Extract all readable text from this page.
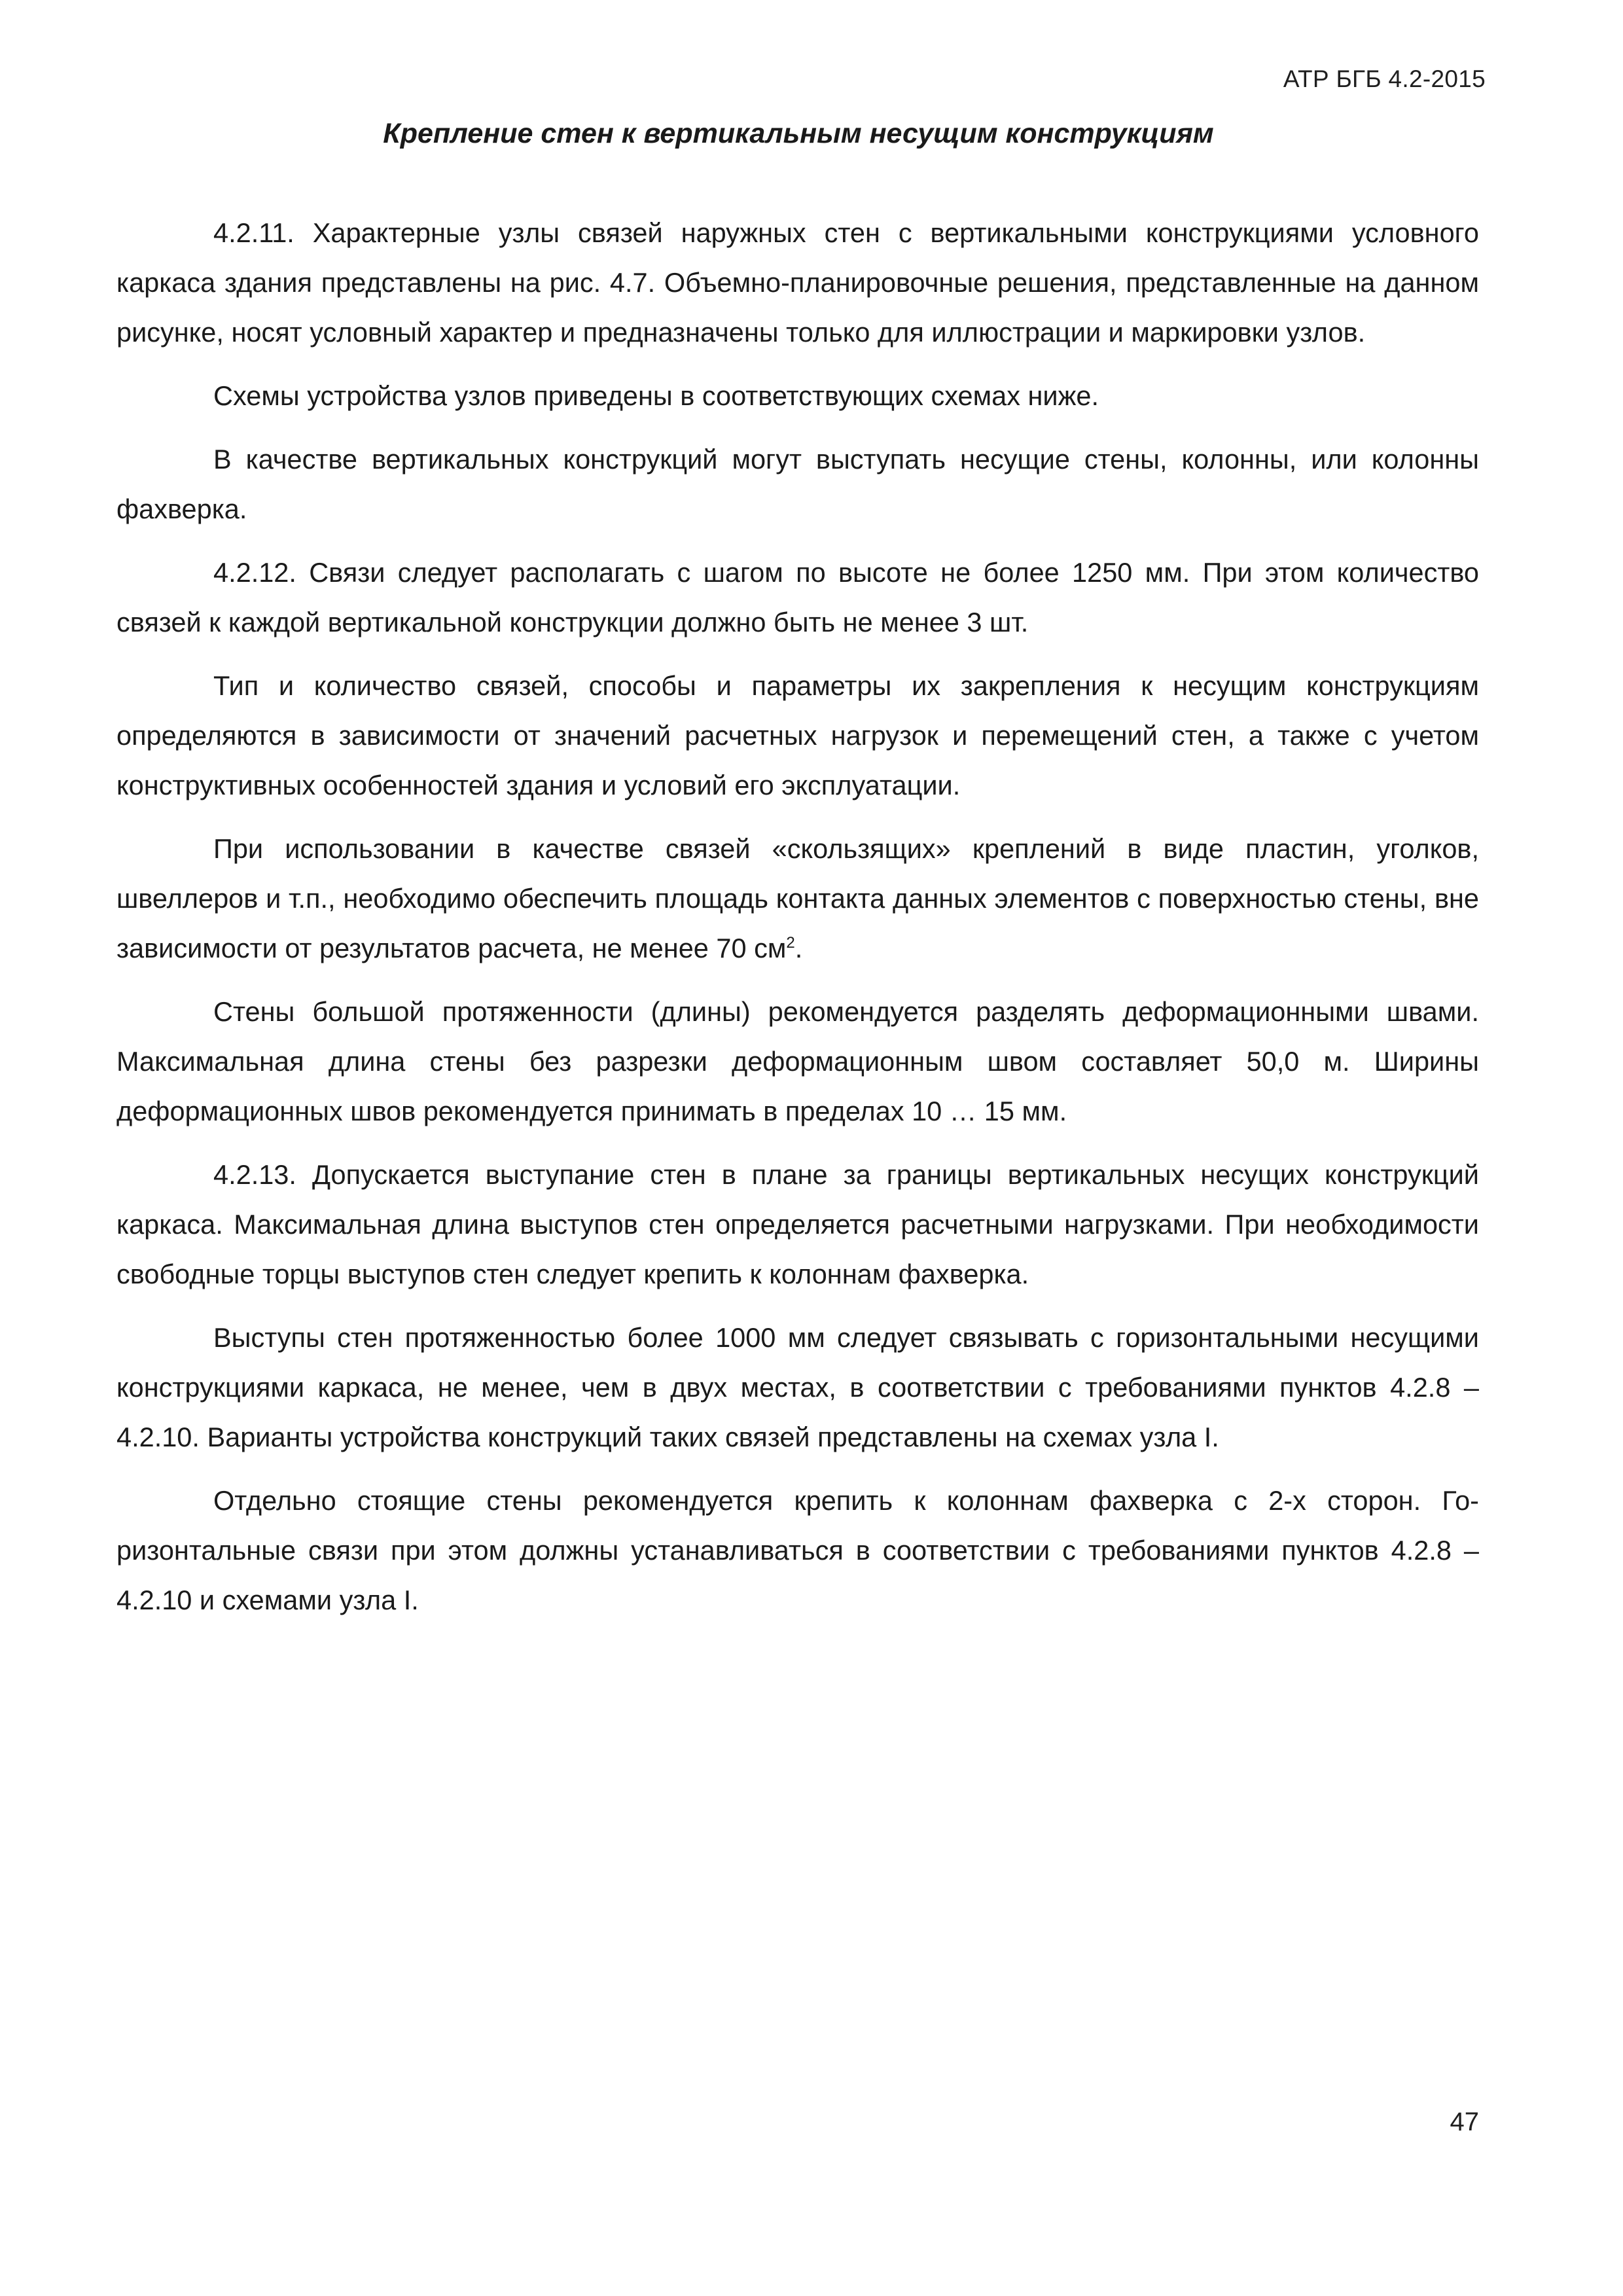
АТР БГБ 4.2-2015
Крепление стен к вертикальным несущим конструкциям

4.2.11. Характерные узлы связей наружных стен с вертикальными конструкциями условного каркаса здания представлены на рис. 4.7. Объемно-планировочные решения, представленные на данном рисунке, носят условный характер и предназначены только для иллюстрации и маркировки узлов.

Схемы устройства узлов приведены в соответствующих схемах ниже.

В качестве вертикальных конструкций могут выступать несущие стены, колонны, или колонны фахверка.

4.2.12. Связи следует располагать с шагом по высоте не более 1250 мм. При этом количество связей к каждой вертикальной конструкции должно быть не менее 3 шт.

Тип и количество связей, способы и параметры их закрепления к несущим конструкциям определяются в зависимости от значений расчетных нагрузок и перемещений стен, а также с учетом конструктивных особенностей здания и условий его эксплуатации.

При использовании в качестве связей «скользящих» креплений в виде пластин, уголков, швеллеров и т.п., необходимо обеспечить площадь контакта данных элементов с поверхностью стены, вне зависимости от результатов расчета, не менее 70 $см^2$.

Стены большой протяженности (длины) рекомендуется разделять деформационными швами. Максимальная длина стены без разрезки деформационным швом составляет 50,0 м. Ширины деформационных швов рекомендуется принимать в пределах 10 … 15 мм.

4.2.13. Допускается выступание стен в плане за границы вертикальных несущих конструкций каркаса. Максимальная длина выступов стен определяется расчетными нагрузками. При необходимости свободные торцы выступов стен следует крепить к колоннам фахверка.

Выступы стен протяженностью более 1000 мм следует связывать с горизонтальными несущими конструкциями каркаса, не менее, чем в двух местах, в соответствии с требованиями пунктов 4.2.8 – 4.2.10. Варианты устройства конструкций таких связей представлены на схемах узла I.

Отдельно стоящие стены рекомендуется крепить к колоннам фахверка с 2-х сторон. Горизонтальные связи при этом должны устанавливаться в соответствии с требованиями пунктов 4.2.8 – 4.2.10 и схемами узла I.

47
